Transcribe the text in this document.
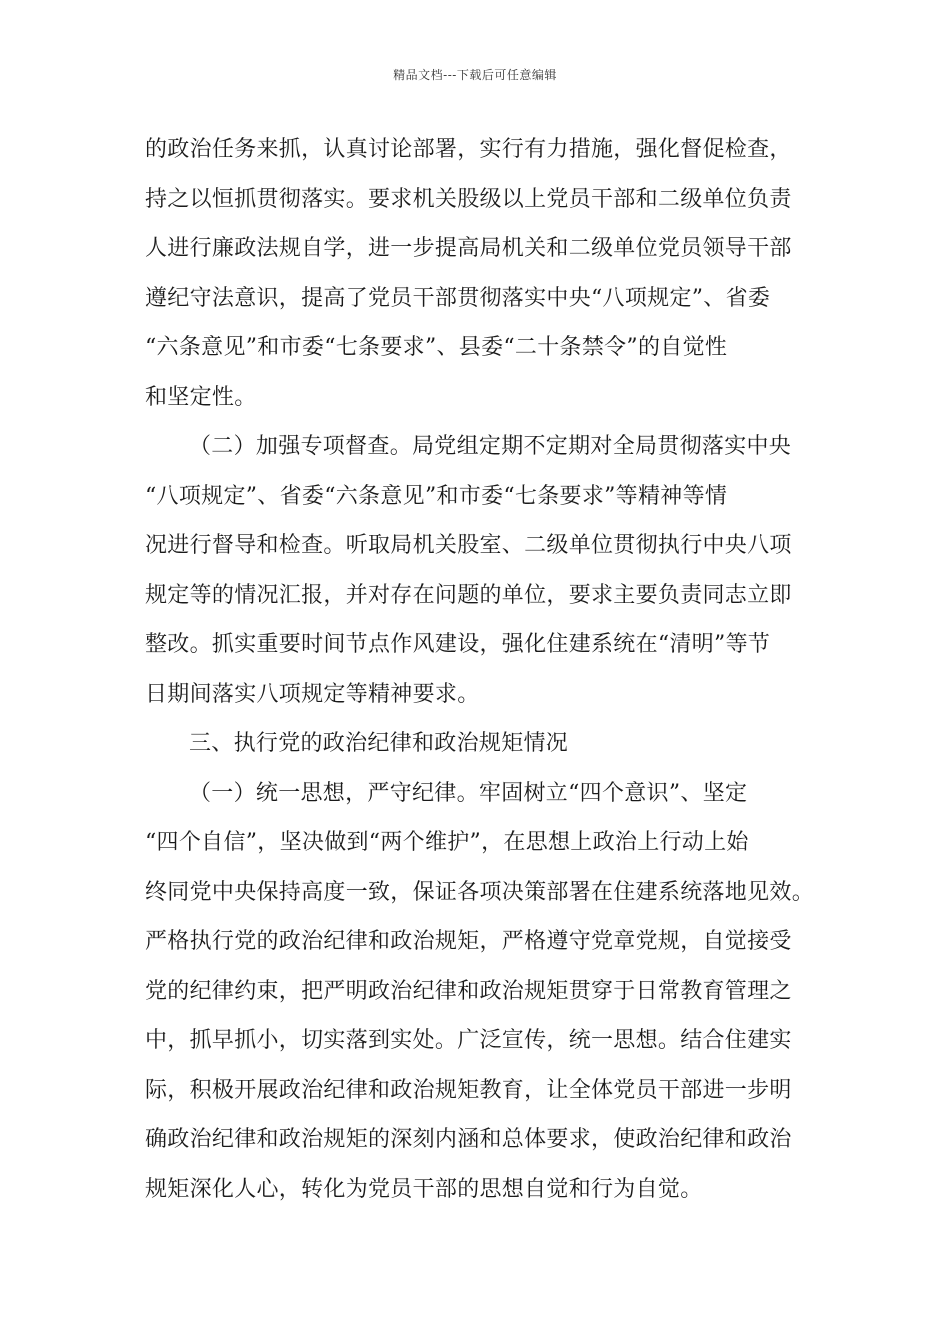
精品文档---下载后可任意编辑
的政治任务来抓，认真讨论部署，实行有力措施，强化督促检查，
持之以恒抓贯彻落实。要求机关股级以上党员干部和二级单位负责
人进行廉政法规自学，进一步提高局机关和二级单位党员领导干部
遵纪守法意识，提高了党员干部贯彻落实中央“八项规定”、省委
“六条意见”和市委“七条要求”、县委“二十条禁令”的自觉性
和坚定性。
（二）加强专项督查。局党组定期不定期对全局贯彻落实中央
“八项规定”、省委“六条意见”和市委“七条要求”等精神等情
况进行督导和检查。听取局机关股室、二级单位贯彻执行中央八项
规定等的情况汇报，并对存在问题的单位，要求主要负责同志立即
整改。抓实重要时间节点作风建设，强化住建系统在“清明”等节
日期间落实八项规定等精神要求。
三、执行党的政治纪律和政治规矩情况
（一）统一思想，严守纪律。牢固树立“四个意识”、坚定
“四个自信”，坚决做到“两个维护”，在思想上政治上行动上始
终同党中央保持高度一致，保证各项决策部署在住建系统落地见效。
严格执行党的政治纪律和政治规矩，严格遵守党章党规，自觉接受
党的纪律约束，把严明政治纪律和政治规矩贯穿于日常教育管理之
中，抓早抓小，切实落到实处。广泛宣传，统一思想。结合住建实
际，积极开展政治纪律和政治规矩教育，让全体党员干部进一步明
确政治纪律和政治规矩的深刻内涵和总体要求，使政治纪律和政治
规矩深化人心，转化为党员干部的思想自觉和行为自觉。
